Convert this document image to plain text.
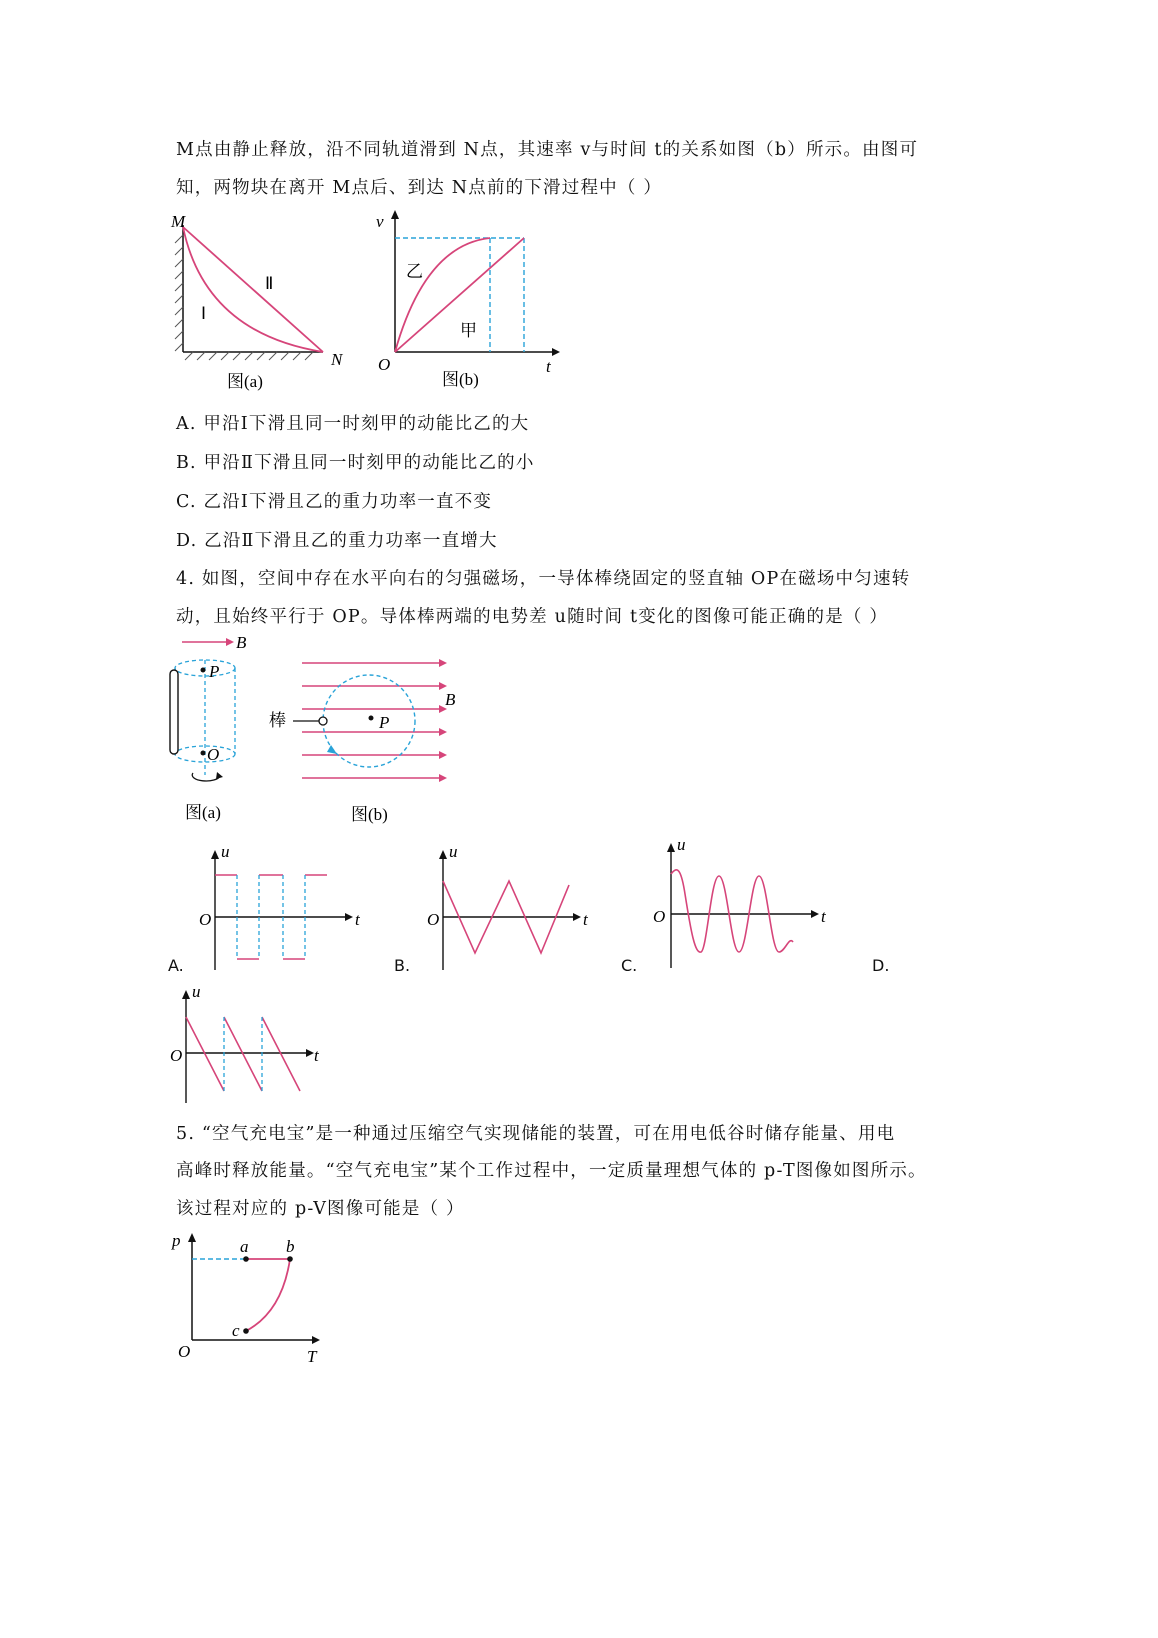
M点由静止释放，沿不同轨道滑到 N点，其速率 v与时间 t的关系如图（b）所示。由图可
知，两物块在离开 M点后、到达 N点前的下滑过程中（ ）
M
N
Ⅰ
Ⅱ
图(a)
v
t
O
乙
甲
图(b)
A. 甲沿Ⅰ下滑且同一时刻甲的动能比乙的大
B. 甲沿Ⅱ下滑且同一时刻甲的动能比乙的小
C. 乙沿Ⅰ下滑且乙的重力功率一直不变
D. 乙沿Ⅱ下滑且乙的重力功率一直增大
4. 如图，空间中存在水平向右的匀强磁场，一导体棒绕固定的竖直轴 OP在磁场中匀速转
动，且始终平行于 OP。导体棒两端的电势差 u随时间 t变化的图像可能正确的是（ ）
B
P
O
图(a)
棒
B
P
图(b)
u
t
O
A.
u
t
O
B.
u
t
O
C.	D.
u
t
O
5. “空气充电宝”是一种通过压缩空气实现储能的装置，可在用电低谷时储存能量、用电
高峰时释放能量。“空气充电宝”某个工作过程中，一定质量理想气体的 p-T图像如图所示。
该过程对应的 p-V图像可能是（ ）
p
T
O
a b
c
